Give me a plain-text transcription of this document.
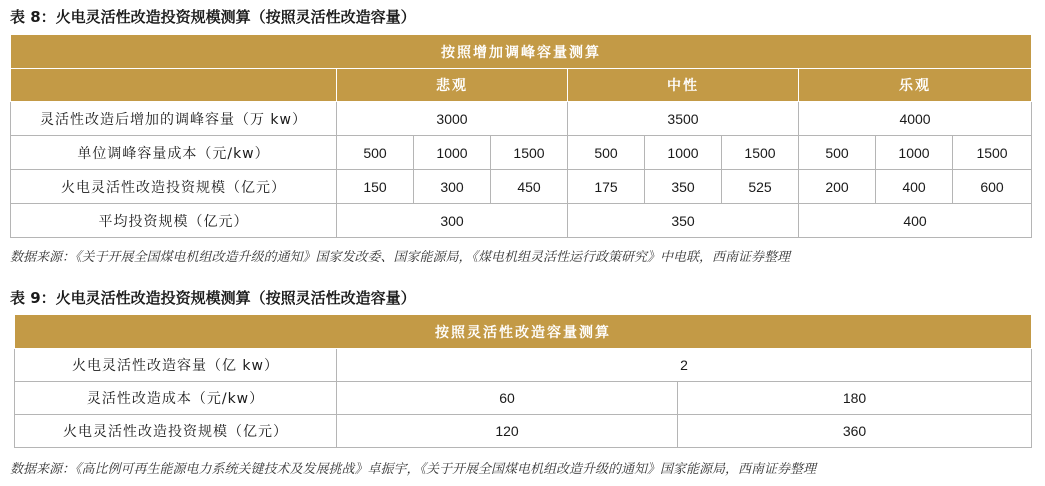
表 8：火电灵活性改造投资规模测算（按照灵活性改造容量）
按照增加调峰容量测算									
	悲观			中性			乐观		
灵活性改造后增加的调峰容量（万 kw）	3000			3500			4000		
单位调峰容量成本（元/kw）	500	1000	1500	500	1000	1500	500	1000	1500
火电灵活性改造投资规模（亿元）	150	300	450	175	350	525	200	400	600
平均投资规模（亿元）	300			350			400		
数据来源：《关于开展全国煤电机组改造升级的通知》国家发改委、国家能源局，《煤电机组灵活性运行政策研究》中电联，西南证券整理
表 9：火电灵活性改造投资规模测算（按照灵活性改造容量）
按照灵活性改造容量测算		
火电灵活性改造容量（亿 kw）	2	
灵活性改造成本（元/kw）	60	180
火电灵活性改造投资规模（亿元）	120	360
数据来源：《高比例可再生能源电力系统关键技术及发展挑战》卓振宇，《关于开展全国煤电机组改造升级的通知》国家能源局，西南证券整理
